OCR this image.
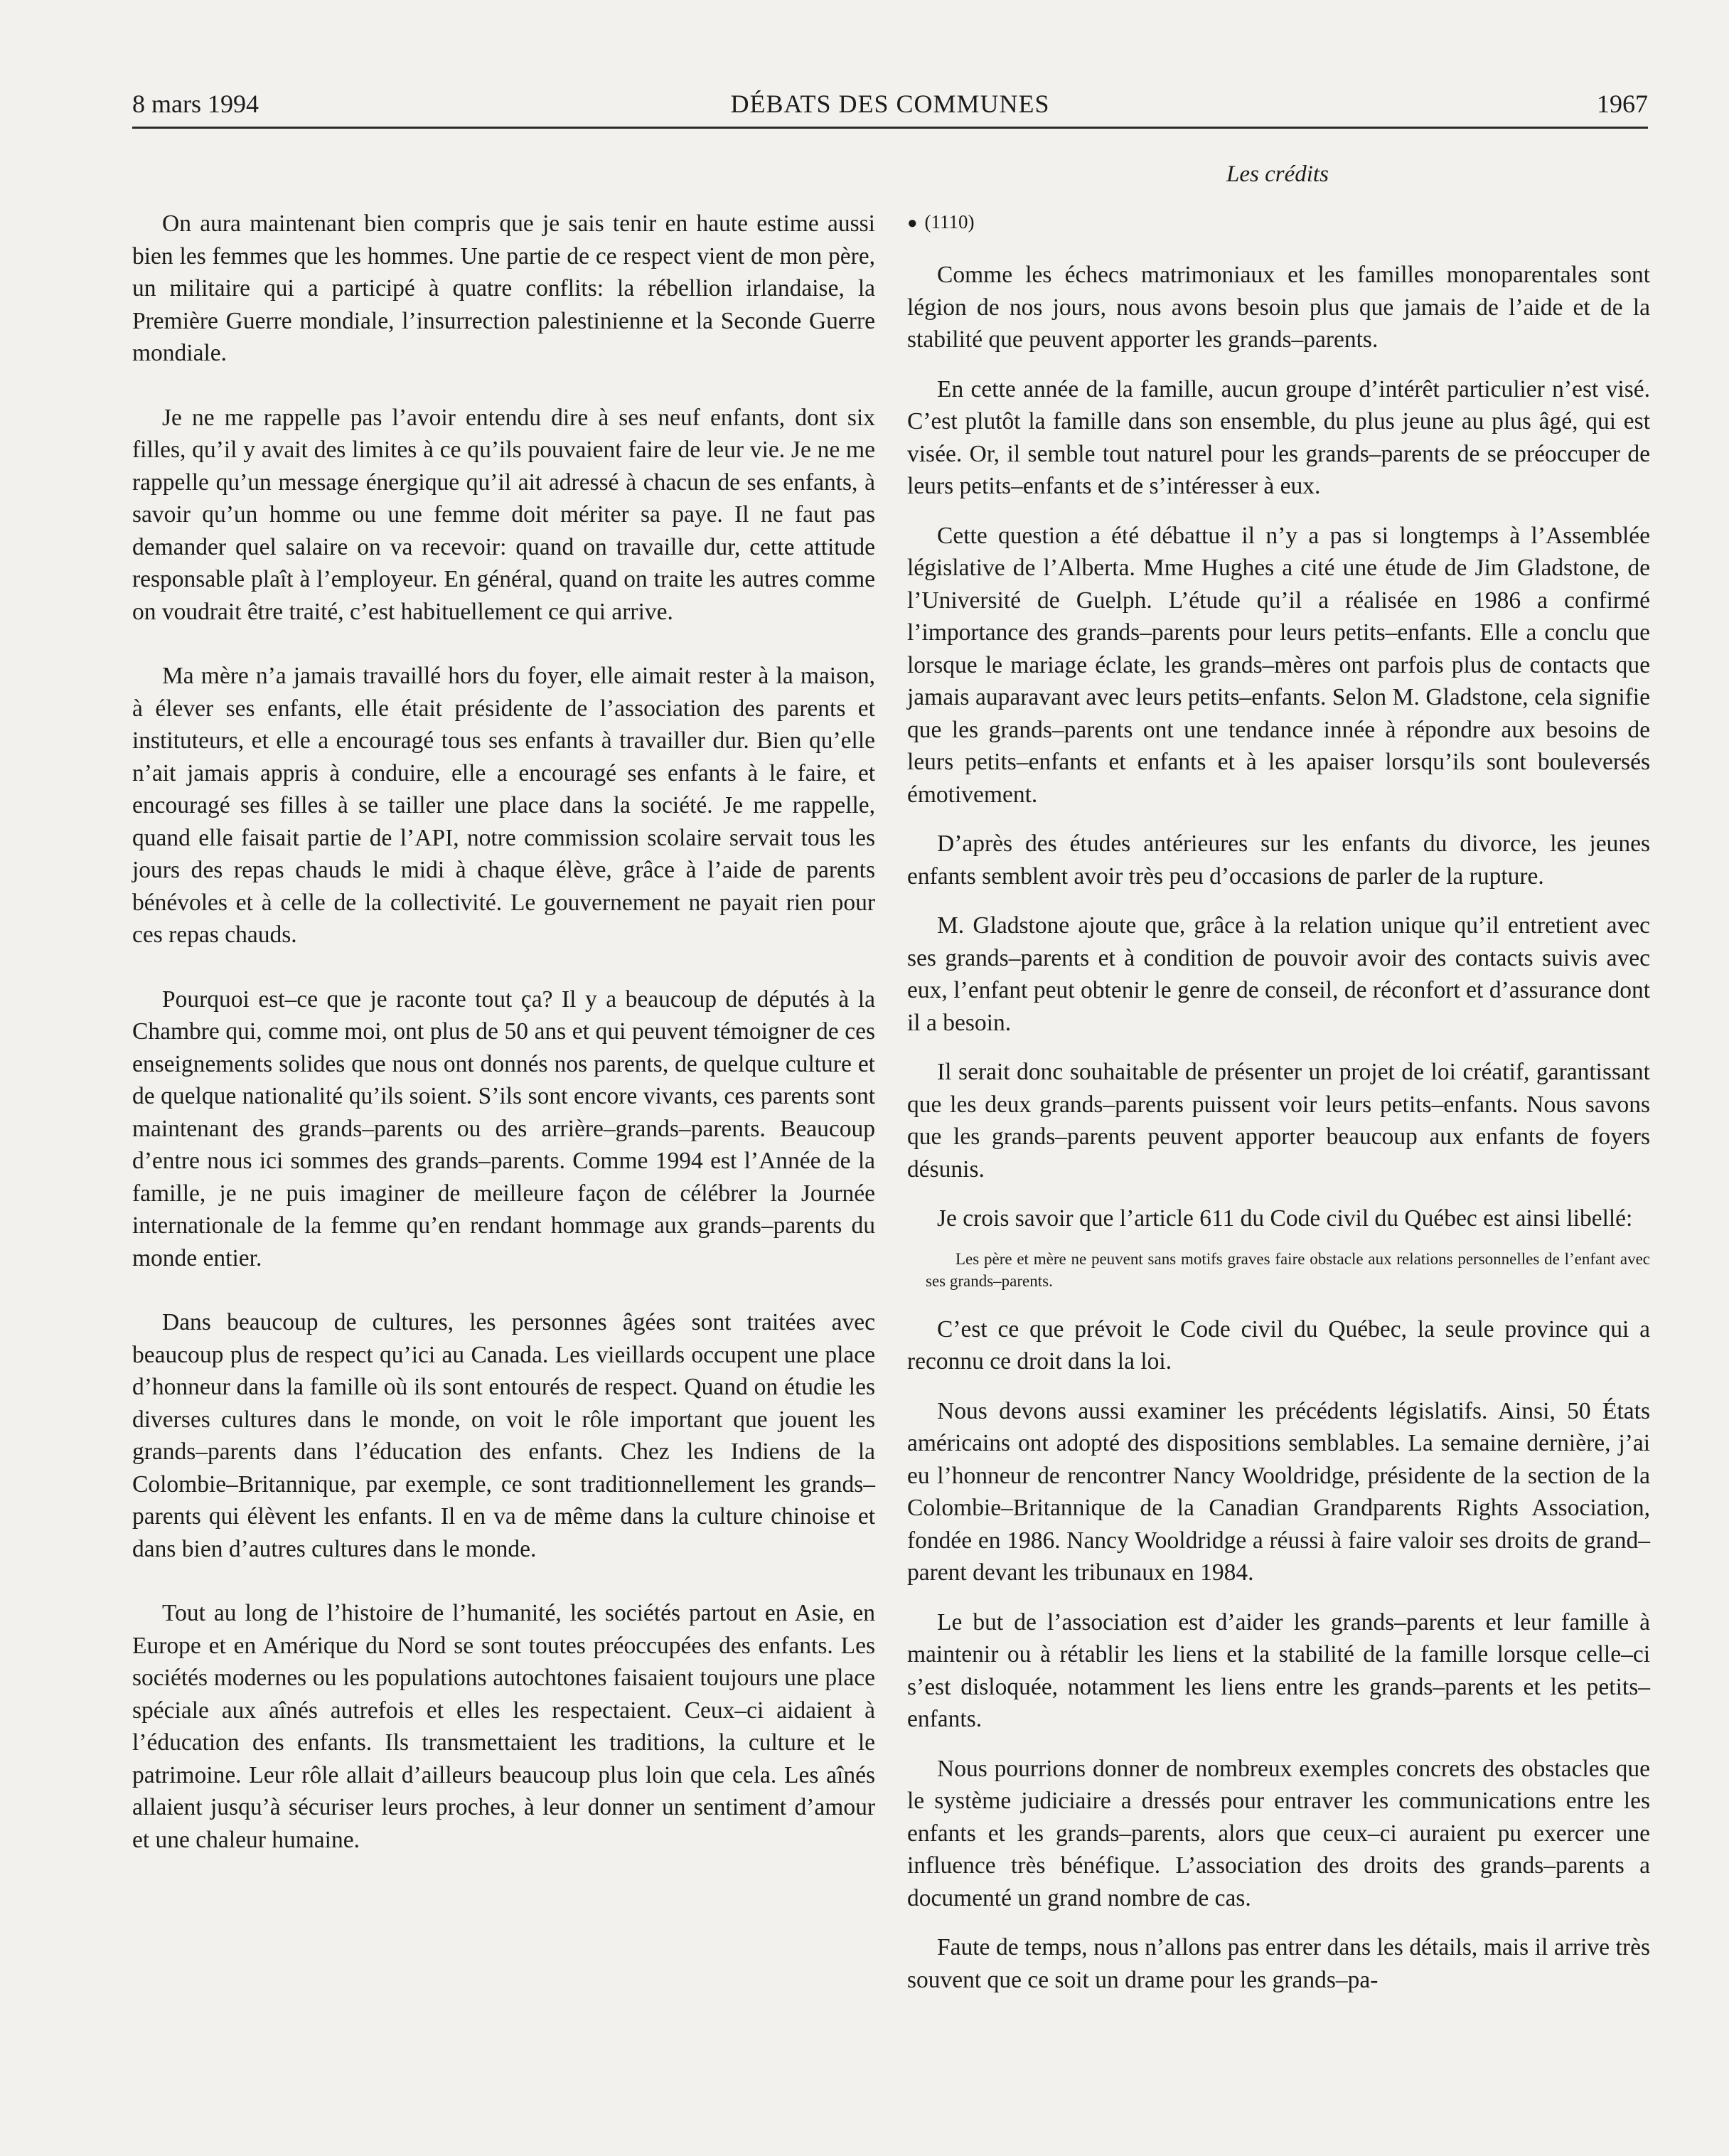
8 mars 1994	DÉBATS DES COMMUNES	1967
Les crédits

On aura maintenant bien compris que je sais tenir en haute estime aussi bien les femmes que les hommes. Une partie de ce respect vient de mon père, un militaire qui a participé à quatre conflits: la rébellion irlandaise, la Première Guerre mondiale, l’insurrection palestinienne et la Seconde Guerre mondiale.

Je ne me rappelle pas l’avoir entendu dire à ses neuf enfants, dont six filles, qu’il y avait des limites à ce qu’ils pouvaient faire de leur vie. Je ne me rappelle qu’un message énergique qu’il ait adressé à chacun de ses enfants, à savoir qu’un homme ou une femme doit mériter sa paye. Il ne faut pas demander quel salaire on va recevoir: quand on travaille dur, cette attitude responsable plaît à l’employeur. En général, quand on traite les autres comme on voudrait être traité, c’est habituellement ce qui arrive.

Ma mère n’a jamais travaillé hors du foyer, elle aimait rester à la maison, à élever ses enfants, elle était présidente de l’association des parents et instituteurs, et elle a encouragé tous ses enfants à travailler dur. Bien qu’elle n’ait jamais appris à conduire, elle a encouragé ses enfants à le faire, et encouragé ses filles à se tailler une place dans la société. Je me rappelle, quand elle faisait partie de l’API, notre commission scolaire servait tous les jours des repas chauds le midi à chaque élève, grâce à l’aide de parents bénévoles et à celle de la collectivité. Le gouvernement ne payait rien pour ces repas chauds.

Pourquoi est–ce que je raconte tout ça? Il y a beaucoup de députés à la Chambre qui, comme moi, ont plus de 50 ans et qui peuvent témoigner de ces enseignements solides que nous ont donnés nos parents, de quelque culture et de quelque nationalité qu’ils soient. S’ils sont encore vivants, ces parents sont maintenant des grands–parents ou des arrière–grands–parents. Beaucoup d’entre nous ici sommes des grands–parents. Comme 1994 est l’Année de la famille, je ne puis imaginer de meilleure façon de célébrer la Journée internationale de la femme qu’en rendant hommage aux grands–parents du monde entier.

Dans beaucoup de cultures, les personnes âgées sont traitées avec beaucoup plus de respect qu’ici au Canada. Les vieillards occupent une place d’honneur dans la famille où ils sont entourés de respect. Quand on étudie les diverses cultures dans le monde, on voit le rôle important que jouent les grands–parents dans l’éducation des enfants. Chez les Indiens de la Colombie–Britannique, par exemple, ce sont traditionnellement les grands–parents qui élèvent les enfants. Il en va de même dans la culture chinoise et dans bien d’autres cultures dans le monde.

Tout au long de l’histoire de l’humanité, les sociétés partout en Asie, en Europe et en Amérique du Nord se sont toutes préoccupées des enfants. Les sociétés modernes ou les populations autochtones faisaient toujours une place spéciale aux aînés autrefois et elles les respectaient. Ceux–ci aidaient à l’éducation des enfants. Ils transmettaient les traditions, la culture et le patrimoine. Leur rôle allait d’ailleurs beaucoup plus loin que cela. Les aînés allaient jusqu’à sécuriser leurs proches, à leur donner un sentiment d’amour et une chaleur humaine.

● (1110)

Comme les échecs matrimoniaux et les familles monoparentales sont légion de nos jours, nous avons besoin plus que jamais de l’aide et de la stabilité que peuvent apporter les grands–parents.

En cette année de la famille, aucun groupe d’intérêt particulier n’est visé. C’est plutôt la famille dans son ensemble, du plus jeune au plus âgé, qui est visée. Or, il semble tout naturel pour les grands–parents de se préoccuper de leurs petits–enfants et de s’intéresser à eux.

Cette question a été débattue il n’y a pas si longtemps à l’Assemblée législative de l’Alberta. Mme Hughes a cité une étude de Jim Gladstone, de l’Université de Guelph. L’étude qu’il a réalisée en 1986 a confirmé l’importance des grands–parents pour leurs petits–enfants. Elle a conclu que lorsque le mariage éclate, les grands–mères ont parfois plus de contacts que jamais auparavant avec leurs petits–enfants. Selon M. Gladstone, cela signifie que les grands–parents ont une tendance innée à répondre aux besoins de leurs petits–enfants et enfants et à les apaiser lorsqu’ils sont bouleversés émotivement.

D’après des études antérieures sur les enfants du divorce, les jeunes enfants semblent avoir très peu d’occasions de parler de la rupture.

M. Gladstone ajoute que, grâce à la relation unique qu’il entretient avec ses grands–parents et à condition de pouvoir avoir des contacts suivis avec eux, l’enfant peut obtenir le genre de conseil, de réconfort et d’assurance dont il a besoin.

Il serait donc souhaitable de présenter un projet de loi créatif, garantissant que les deux grands–parents puissent voir leurs petits–enfants. Nous savons que les grands–parents peuvent apporter beaucoup aux enfants de foyers désunis.

Je crois savoir que l’article 611 du Code civil du Québec est ainsi libellé:

Les père et mère ne peuvent sans motifs graves faire obstacle aux relations personnelles de l’enfant avec ses grands–parents.

C’est ce que prévoit le Code civil du Québec, la seule province qui a reconnu ce droit dans la loi.

Nous devons aussi examiner les précédents législatifs. Ainsi, 50 États américains ont adopté des dispositions semblables. La semaine dernière, j’ai eu l’honneur de rencontrer Nancy Wooldridge, présidente de la section de la Colombie–Britannique de la Canadian Grandparents Rights Association, fondée en 1986. Nancy Wooldridge a réussi à faire valoir ses droits de grand–parent devant les tribunaux en 1984.

Le but de l’association est d’aider les grands–parents et leur famille à maintenir ou à rétablir les liens et la stabilité de la famille lorsque celle–ci s’est disloquée, notamment les liens entre les grands–parents et les petits–enfants.

Nous pourrions donner de nombreux exemples concrets des obstacles que le système judiciaire a dressés pour entraver les communications entre les enfants et les grands–parents, alors que ceux–ci auraient pu exercer une influence très bénéfique. L’association des droits des grands–parents a documenté un grand nombre de cas.

Faute de temps, nous n’allons pas entrer dans les détails, mais il arrive très souvent que ce soit un drame pour les grands–pa-
